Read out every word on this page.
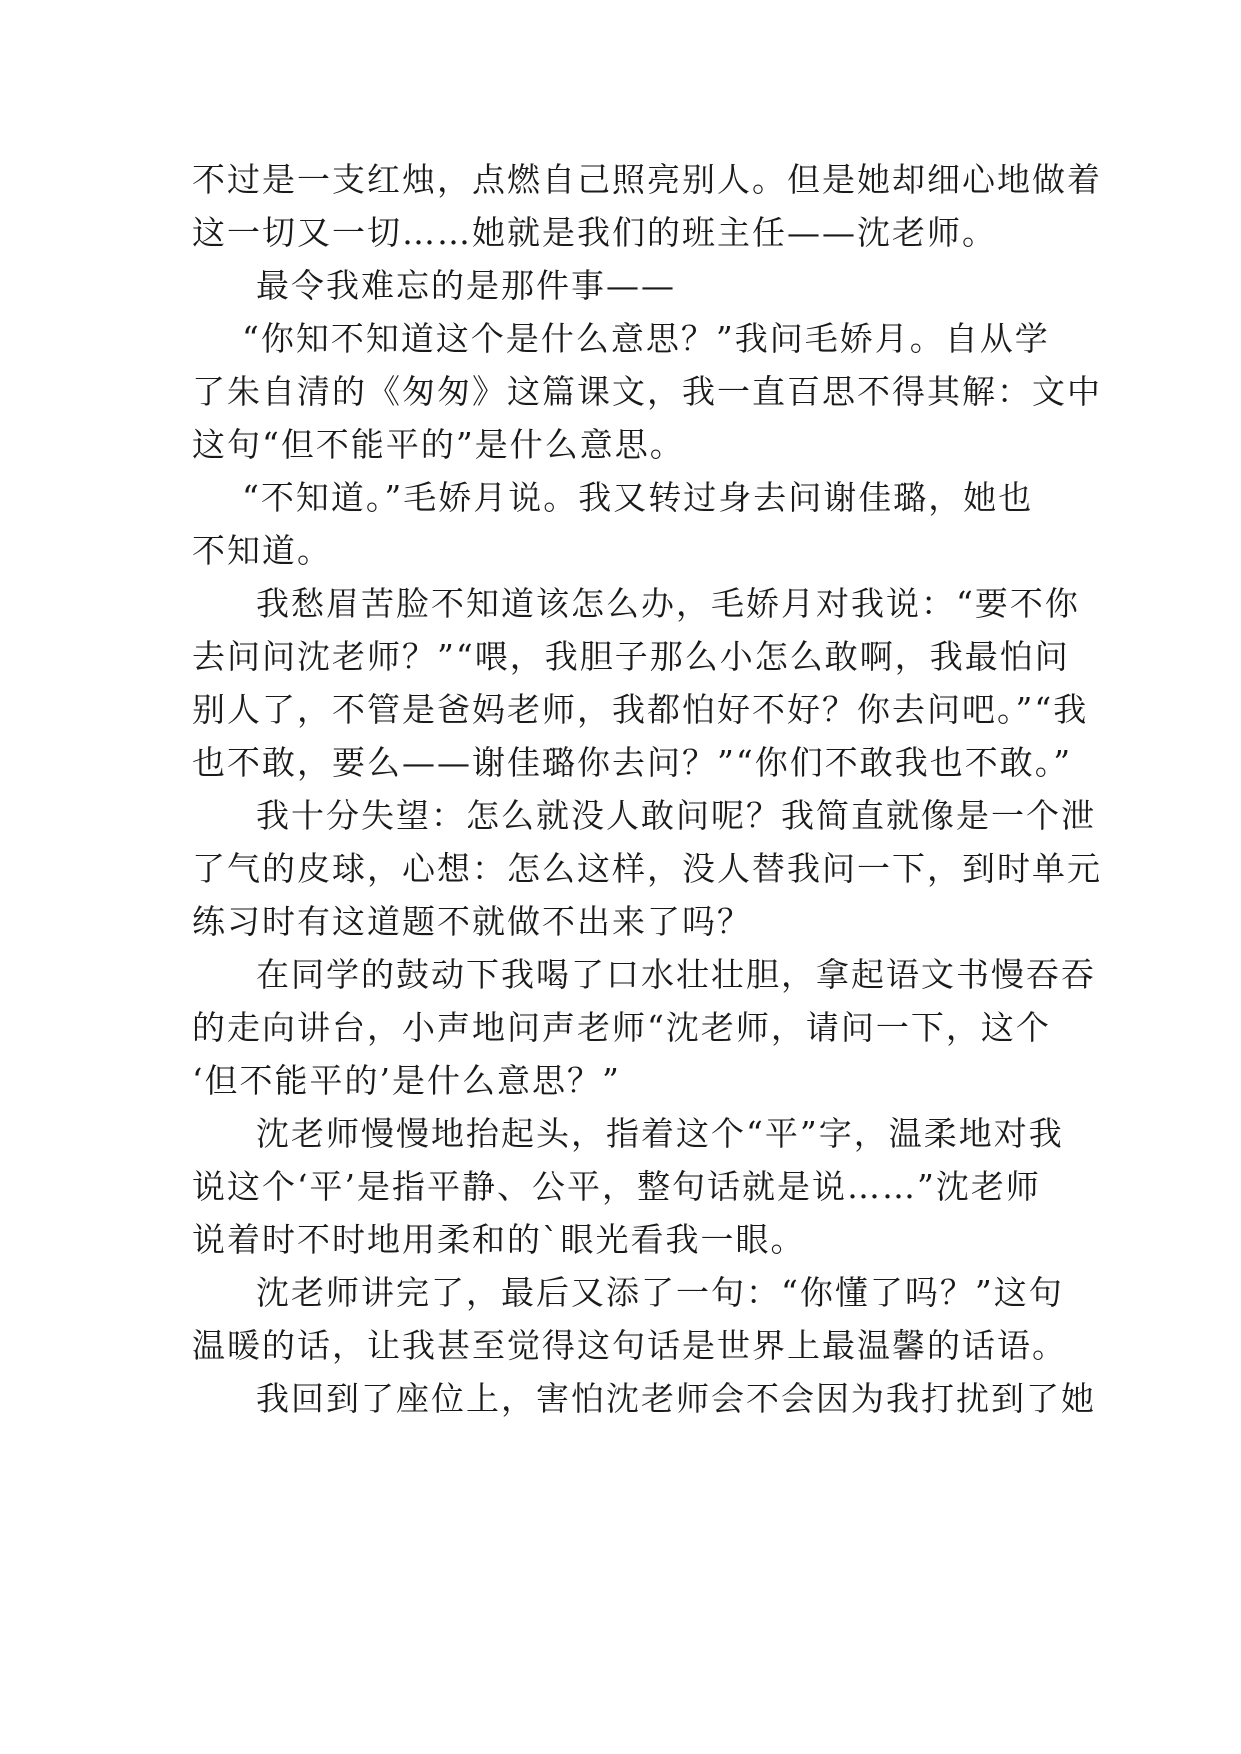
不过是一支红烛，点燃自己照亮别人。但是她却细心地做着
这一切又一切……她就是我们的班主任——沈老师。
最令我难忘的是那件事——
“你知不知道这个是什么意思？”我问毛娇月。自从学
了朱自清的《匆匆》这篇课文，我一直百思不得其解：文中
这句“但不能平的”是什么意思。
“不知道。”毛娇月说。我又转过身去问谢佳璐，她也
不知道。
我愁眉苦脸不知道该怎么办，毛娇月对我说：“要不你
去问问沈老师？”“喂，我胆子那么小怎么敢啊，我最怕问
别人了，不管是爸妈老师，我都怕好不好？你去问吧。”“我
也不敢，要么——谢佳璐你去问？”“你们不敢我也不敢。”
我十分失望：怎么就没人敢问呢？我简直就像是一个泄
了气的皮球，心想：怎么这样，没人替我问一下，到时单元
练习时有这道题不就做不出来了吗？
在同学的鼓动下我喝了口水壮壮胆，拿起语文书慢吞吞
的走向讲台，小声地问声老师“沈老师，请问一下，这个
‘但不能平的’是什么意思？”
沈老师慢慢地抬起头，指着这个“平”字，温柔地对我
说这个‘平’是指平静、公平，整句话就是说……”沈老师
说着时不时地用柔和的`眼光看我一眼。
沈老师讲完了，最后又添了一句：“你懂了吗？”这句
温暖的话，让我甚至觉得这句话是世界上最温馨的话语。
我回到了座位上，害怕沈老师会不会因为我打扰到了她
